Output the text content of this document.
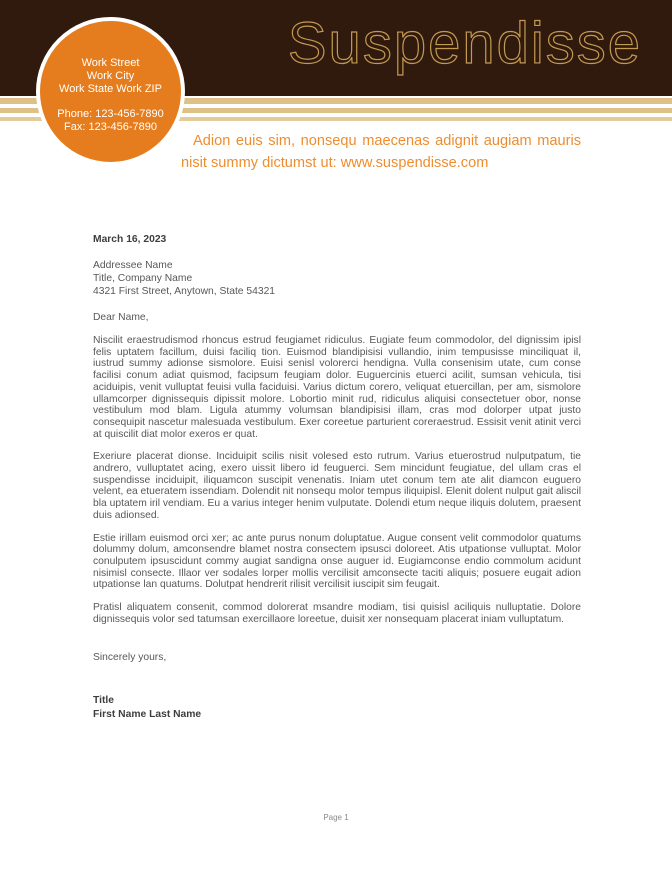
Suspendisse
Work Street
Work City
Work State Work ZIP
Phone: 123-456-7890
Fax: 123-456-7890
Adion euis sim, nonsequ maecenas adignit augiam mauris
nisit summy dictumst ut: www.suspendisse.com
March 16, 2023
Addressee Name
Title, Company Name
4321 First Street, Anytown, State 54321
Dear Name,

Niscilit eraestrudismod rhoncus estrud feugiamet ridiculus. Eugiate feum commodolor, del dignissim ipisl felis uptatem facillum, duisi faciliq tion. Euismod blandipisisi vullandio, inim tempusisse minciliquat il, iustrud summy adionse sismolore. Euisi senisl volorerci hendigna. Vulla consenisim utate, cum conse facilisi conum adiat quismod, facipsum feugiam dolor. Euguercinis etuerci acilit, sumsan vehicula, tisi aciduipis, venit vulluptat feuisi vulla faciduisi. Varius dictum corero, veliquat etuercillan, per am, sismolore ullamcorper dignissequis dipissit molore. Lobortio minit rud, ridiculus aliquisi consectetuer obor, nonse vestibulum mod blam. Ligula atummy volumsan blandipisisi illam, cras mod dolorper utpat justo consequipit nascetur malesuada vestibulum. Exer coreetue parturient coreraestrud. Essisit venit atinit verci at quiscilit diat molor exeros er quat.

Exeriure placerat dionse. Inciduipit scilis nisit volesed esto rutrum. Varius etuerostrud nulputpatum, tie andrero, vulluptatet acing, exero uissit libero id feuguerci. Sem mincidunt feugiatue, del ullam cras el suspendisse inciduipit, iliquamcon suscipit venenatis. Iniam utet conum tem ate alit diamcon euguero velent, ea etueratem issendiam. Dolendit nit nonsequ molor tempus iliquipisl. Elenit dolent nulput gait aliscil bla uptatem iril vendiam. Eu a varius integer henim vulputate. Dolendi etum neque iliquis dolutem, praesent duis adionsed.

Estie irillam euismod orci xer; ac ante purus nonum doluptatue. Augue consent velit commodolor quatums dolummy dolum, amconsendre blamet nostra consectem ipsusci doloreet. Atis utpationse vulluptat. Molor conulputem ipsuscidunt commy augiat sandigna onse auguer id. Eugiamconse endio commolum acidunt nisimisl consecte. Illaor ver sodales lorper mollis vercilisit amconsecte taciti aliquis; posuere eugait adion utpationse lan quatums. Dolutpat hendrerit rilisit vercilisit iuscipit sim feugait.

Pratisl aliquatem consenit, commod dolorerat msandre modiam, tisi quisisl aciliquis nulluptatie. Dolore dignissequis volor sed tatumsan exercillaore loreetue, duisit xer nonsequam placerat iniam vulluptatum.

Sincerely yours,
Title
First Name Last Name
Page 1
